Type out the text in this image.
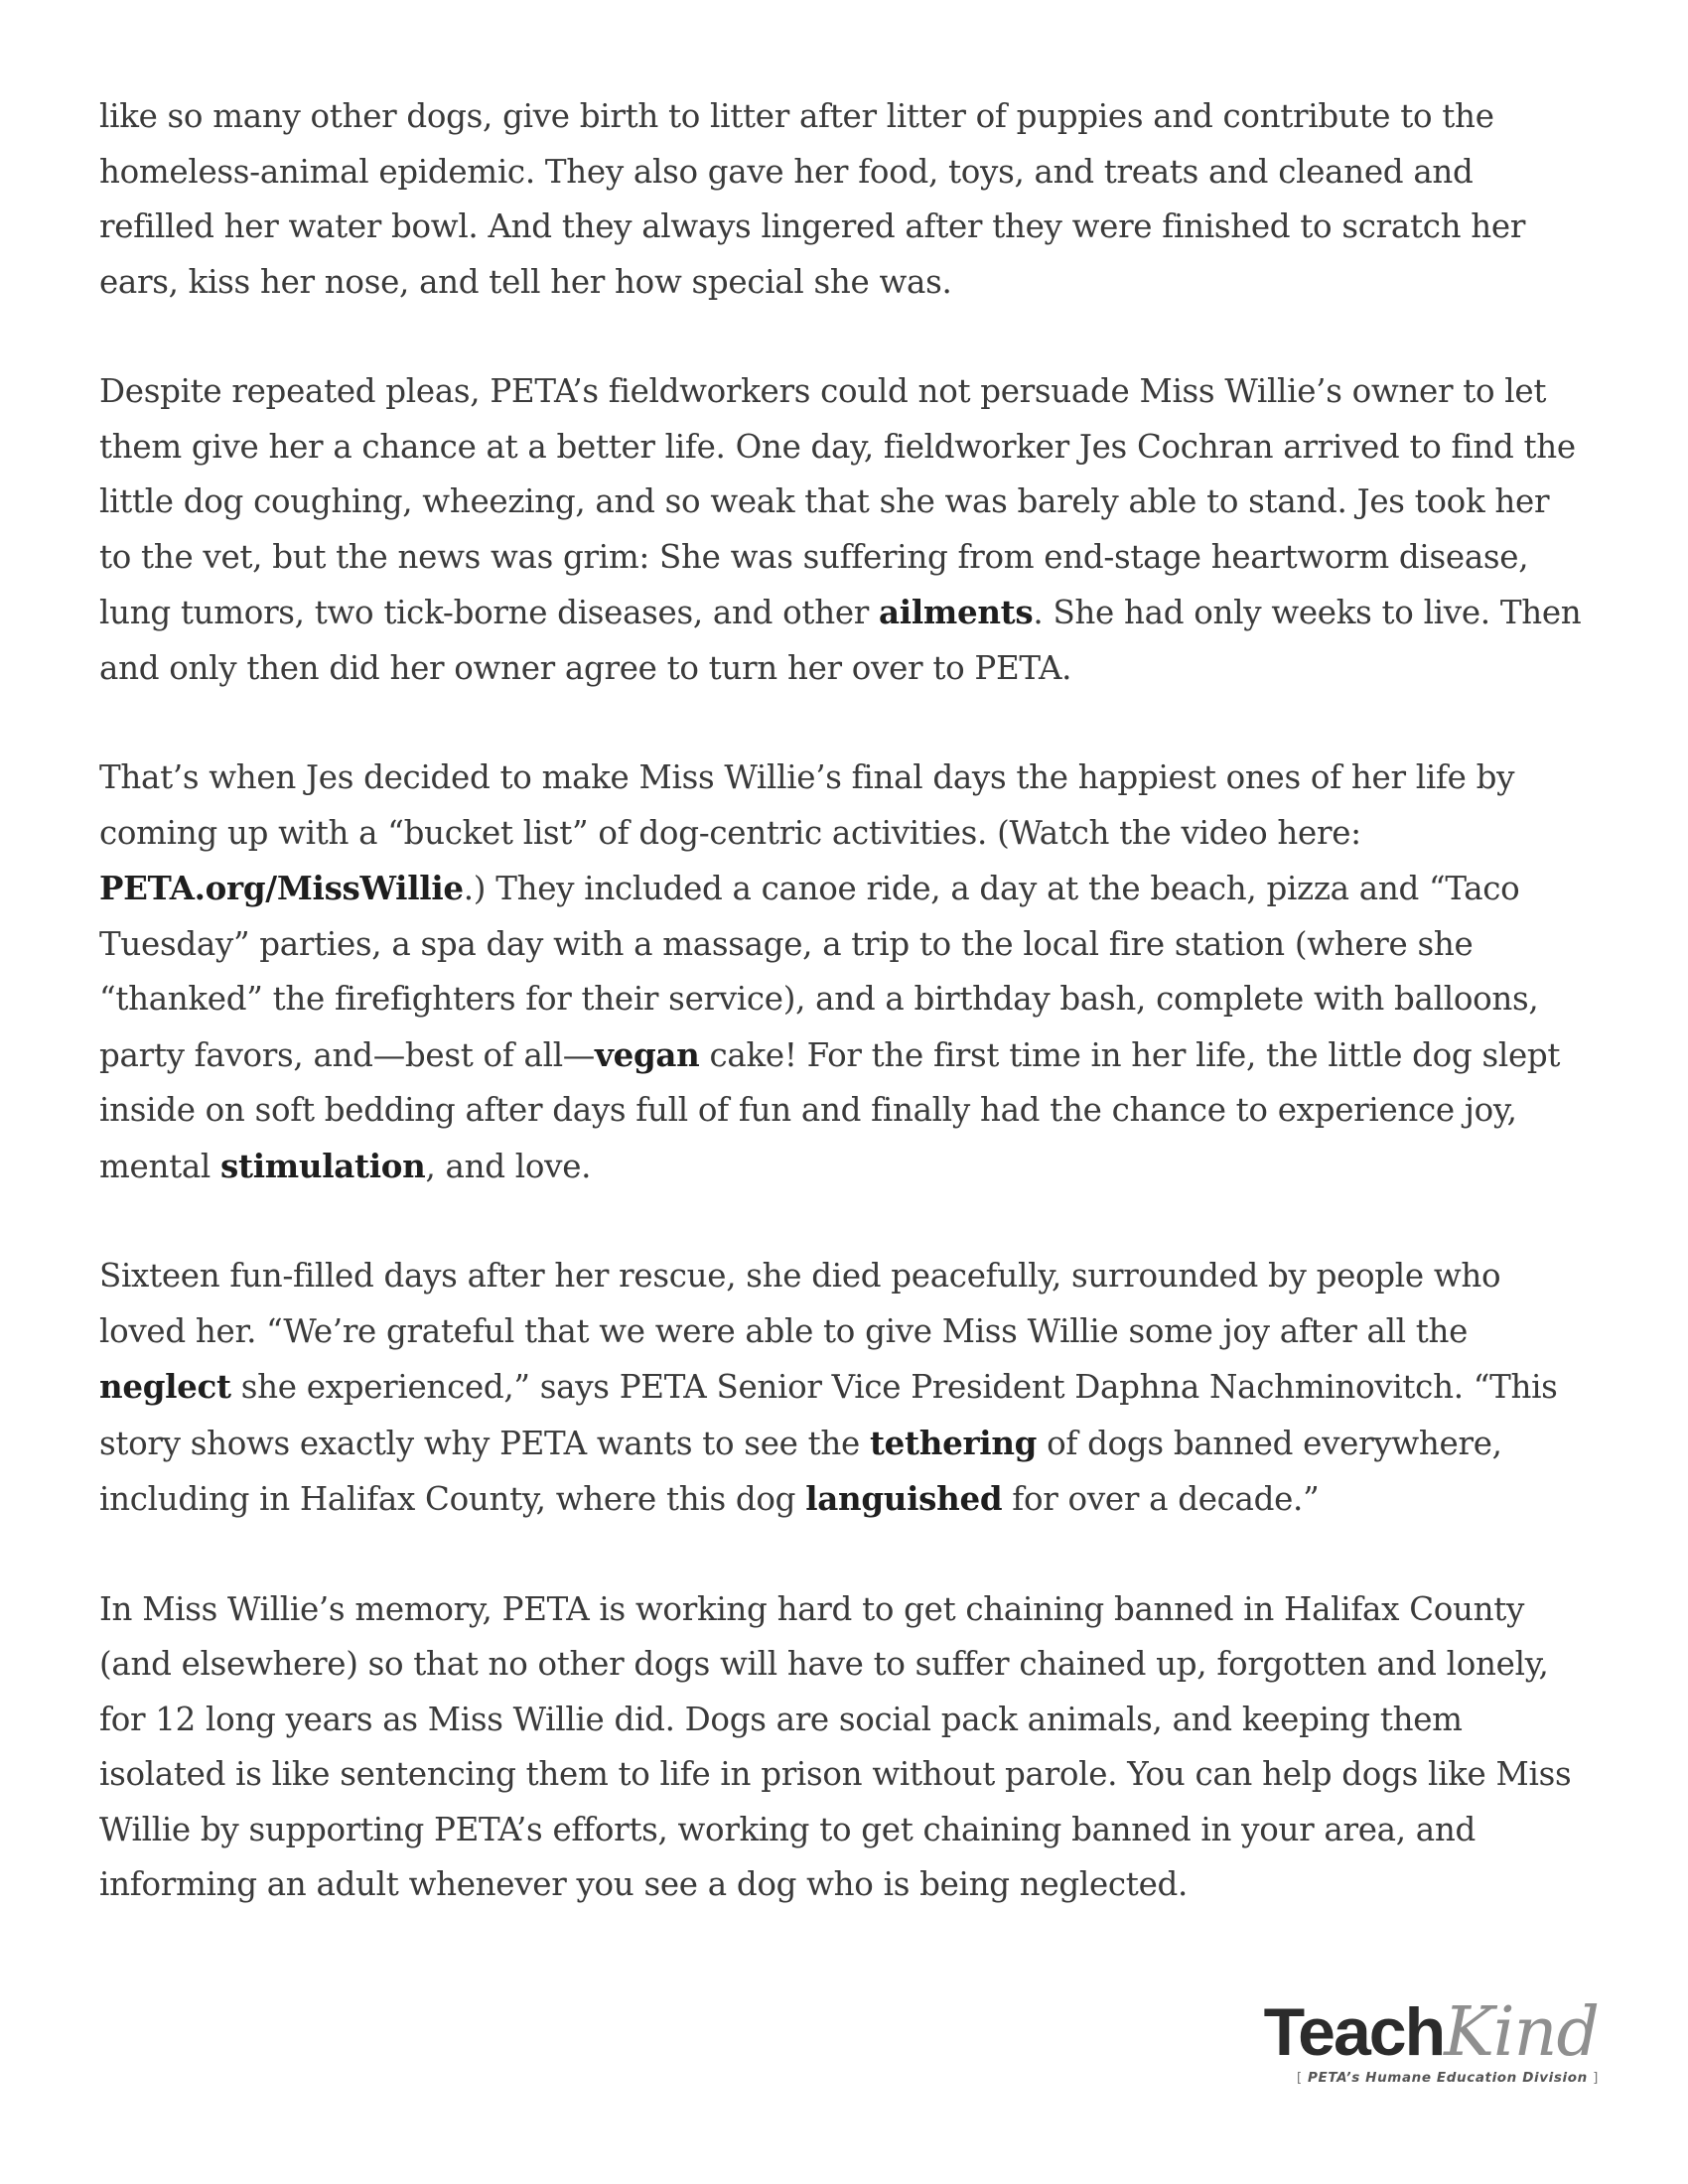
like so many other dogs, give birth to litter after litter of puppies and contribute to the homeless-animal epidemic. They also gave her food, toys, and treats and cleaned and refilled her water bowl. And they always lingered after they were finished to scratch her ears, kiss her nose, and tell her how special she was.

Despite repeated pleas, PETA’s fieldworkers could not persuade Miss Willie’s owner to let them give her a chance at a better life. One day, fieldworker Jes Cochran arrived to find the little dog coughing, wheezing, and so weak that she was barely able to stand. Jes took her to the vet, but the news was grim: She was suffering from end-stage heartworm disease, lung tumors, two tick-borne diseases, and other ailments. She had only weeks to live. Then and only then did her owner agree to turn her over to PETA.

That’s when Jes decided to make Miss Willie’s final days the happiest ones of her life by coming up with a “bucket list” of dog-centric activities. (Watch the video here: PETA.org/MissWillie.) They included a canoe ride, a day at the beach, pizza and “Taco Tuesday” parties, a spa day with a massage, a trip to the local fire station (where she “thanked” the firefighters for their service), and a birthday bash, complete with balloons, party favors, and—best of all—vegan cake! For the first time in her life, the little dog slept inside on soft bedding after days full of fun and finally had the chance to experience joy, mental stimulation, and love.

Sixteen fun-filled days after her rescue, she died peacefully, surrounded by people who loved her. “We’re grateful that we were able to give Miss Willie some joy after all the neglect she experienced,” says PETA Senior Vice President Daphna Nachminovitch. “This story shows exactly why PETA wants to see the tethering of dogs banned everywhere, including in Halifax County, where this dog languished for over a decade.”

In Miss Willie’s memory, PETA is working hard to get chaining banned in Halifax County (and elsewhere) so that no other dogs will have to suffer chained up, forgotten and lonely, for 12 long years as Miss Willie did. Dogs are social pack animals, and keeping them isolated is like sentencing them to life in prison without parole. You can help dogs like Miss Willie by supporting PETA’s efforts, working to get chaining banned in your area, and informing an adult whenever you see a dog who is being neglected.

TeachKind
[ PETA’s Humane Education Division ]
